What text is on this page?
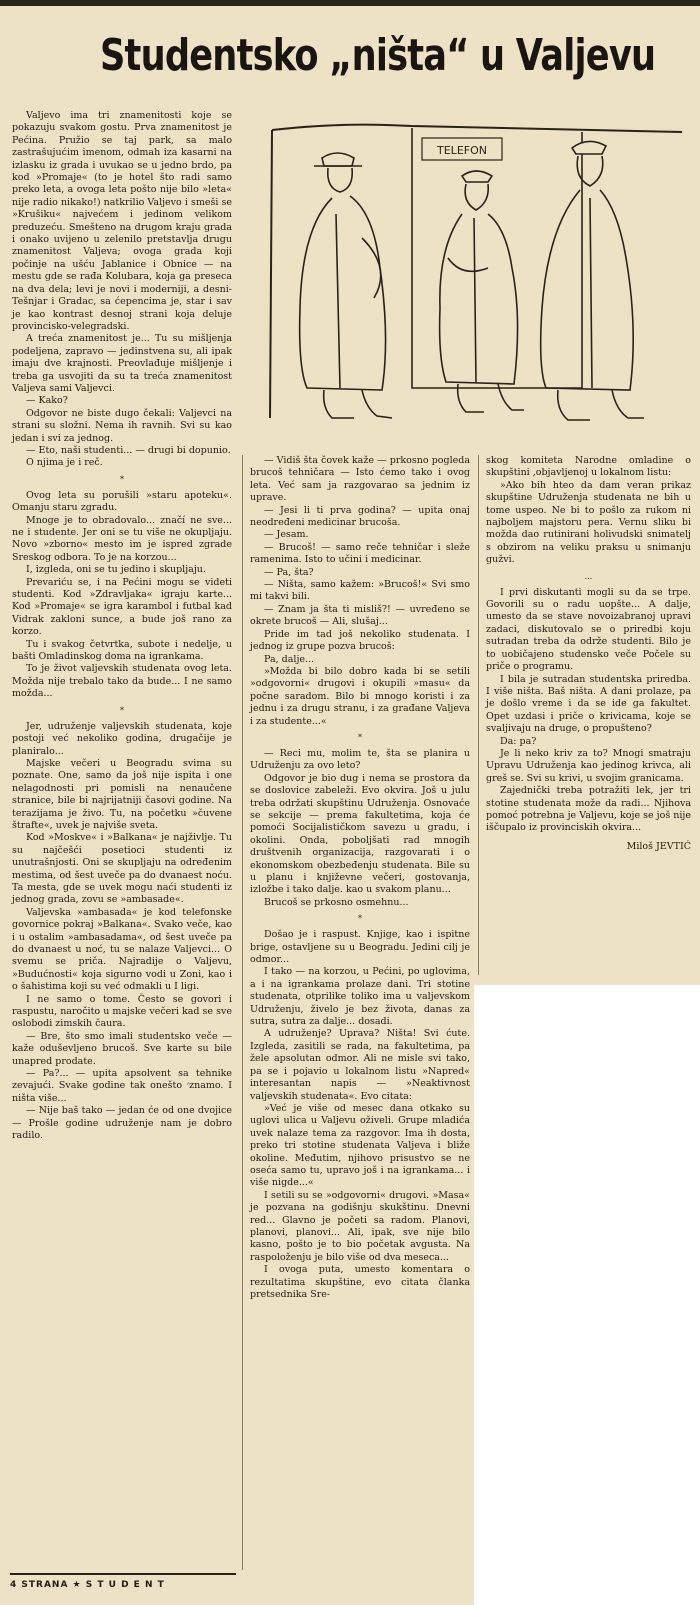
Studentsko „ništa“ u Valjevu
TELEFON

Valjevo ima tri znamenitosti koje se pokazuju svakom gostu. Prva znamenitost je Pećina. Pružio se taj park, sa malo zastrašujućim imenom, odmah iza kasarni na izlasku iz grada i uvukao se u jedno brdo, pa kod »Promaje« (to je hotel što radi samo preko leta, a ovoga leta pošto nije bilo »leta« nije radio nikako!) natkrilio Valjevo i smeši se »Krušiku« najvećem i jedinom velikom preduzeću. Smešteno na drugom kraju grada i onako uvijeno u zelenilo pretstavlja drugu znamenitost Valjeva; ovoga grada koji počinje na ušću Jablanice i Obnice — na mestu gde se rađa Kolubara, koja ga preseca na dva dela; levi je novi i moderniji, a desni-Tešnjar i Gradac, sa ćepencima je, star i sav je kao kontrast desnoj strani koja deluje provincisko-velegradski.

A treća znamenitost je... Tu su mišljenja podeljena, zapravo — jedinstvena su, ali ipak imaju dve krajnosti. Preovlađuje mišljenje i treba ga usvojiti da su ta treća znamenitost Valjeva sami Valjevci.

— Kako?

Odgovor ne biste dugo čekali: Valjevci na strani su složni. Nema ih ravnih. Svi su kao jedan i svi za jednog.

— Eto, naši studenti... — drugi bi dopunio.

O njima je i reč.

*

Ovog leta su porušili »staru apoteku«. Omanju staru zgradu.

Mnoge je to obradovalo... značí ne sve... ne i studente. Jer oni se tu više ne okupljaju. Novo »zborno« mesto im je ispred zgrade Sreskog odbora. To je na korzou...

I, izgleda, oni se tu jedino i skupljaju.

Prevariću se, i na Pećini mogu se videti studenti. Kod »Zdravljaka« igraju karte... Kod »Promaje« se igra karambol i futbal kad Vidrak zakloni sunce, a bude još rano za korzo.

Tu i svakog četvrtka, subote i nedelje, u bašti Omladinskog doma na igrankama.

To je život valjevskih studenata ovog leta. Možda nije trebalo tako da bude... I ne samo možda...

*

Jer, udruženje valjevskih studenata, koje postoji već nekoliko godina, drugačije je planiralo...

Majske večeri u Beogradu svima su poznate. One, samo da još nije ispita i one nelagodnosti pri pomisli na nenaučene stranice, bile bi najrijatniji časovi godine. Na terazijama je živo. Tu, na početku »čuvene štrafte«, uvek je najviše sveta.

Kod »Moskve« i »Balkana« je najživlje. Tu su najčešći posetioci studenti iz unutrašnjosti. Oni se skupljaju na određenim mestima, od šest uveče pa do dvanaest noću. Ta mesta, gde se uvek mogu naći studenti iz jednog grada, zovu se »ambasade«.

Valjevska »ambasada« je kod telefonske govornice pokraj »Balkana«. Svako veče, kao i u ostalim »ambasadama«, od šest uveče pa do dvanaest u noć, tu se nalaze Valjevci... O svemu se priča. Najradije o Valjevu, »Budućnosti« koja sigurno vodi u Zoni, kao i o šahistima koji su već odmakli u I ligi.

I ne samo o tome. Često se govori i raspustu, naročito u majske večeri kad se sve oslobodi zimskih čaura.

— Bre, što smo imali studentsko veče — kaže oduševljeno brucoš. Sve karte su bile unapred prodate.

— Pa?... — upita apsolvent sa tehnike zevajući. Svake godine tak onešto ׳znamo. I ništa više...

— Nije baš tako — jedan će od one dvojice — Prošle godine udruženje nam je dobro radilo.

— Vidiš šta čovek kaže — prkosno pogleda brucoš tehničara — Isto ćemo tako i ovog leta. Već sam ja razgovarao sa jednim iz uprave.

— Jesi li ti prva godina? — upita onaj neodređeni medicinar brucoša.

— Jesam.

— Brucoš! — samo reče tehničar i sleže ramenima. Isto to učini i medicinar.

— Pa, šta?

— Ništa, samo kažem: »Brucoš!« Svi smo mi takvi bili.

— Znam ja šta ti misliš?! — uvređeno se okrete brucoš — Ali, slušaj...

Pride im tad još nekoliko studenata. I jednog iz grupe pozva brucoš:

Pa, dalje...

»Možda bi bilo dobro kada bi se setili »odgovorni« drugovi i okupili »masu« da počne saradom. Bilo bi mnogo koristi i za jednu i za drugu stranu, i za građane Valjeva i za studente...«

*

— Reci mu, molim te, šta se planira u Udruženju za ovo leto?

Odgovor je bio dug i nema se prostora da se doslovice zabeleži. Evo okvira. Još u julu treba održati skupštinu Udruženja. Osnovaće se sekcije — prema fakultetima, koja će pomoći Socijalističkom savezu u gradu, i okolini. Onda, poboljšati rad mnogih društvenih organizacija, razgovarati i o ekonomskom obezbeđenju studenata. Bile su u planu i književne večeri, gostovanja, izložbe i tako dalje. kao u svakom planu...

Brucoš se prkosno osmehnu...

*

Došao je i raspust. Knjige, kao i ispitne brige, ostavljene su u Beogradu. Jedini cilj je odmor...

I tako — na korzou, u Pećini, po uglovima, a i na igrankama prolaze dani. Tri stotine studenata, otprilike toliko ima u valjevskom Udruženju, živelo je bez života, danas za sutra, sutra za dalje... dosadi.

A udruženje? Uprava? Ništa! Svi ćute. Izgleda, zasitili se rada, na fakultetima, pa žele apsolutan odmor. Ali ne misle svi tako, pa se i pojavio u lokalnom listu »Napred« interesantan napis — »Neaktivnost valjevskih studenata«. Evo citata:

»Već je više od mesec dana otkako su uglovi ulica u Valjevu oživeli. Grupe mladića uvek nalaze tema za razgovor. Ima ih dosta, preko tri stotine studenata Valjeva i bliže okoline. Međutim, njihovo prisustvo se ne oseća samo tu, upravo još i na igrankama... i više nigde...«

I setili su se »odgovorni« drugovi. »Masa« je pozvana na godišnju skukštinu. Dnevni red... Glavno je početi sa radom. Planovi, planovi, planovi... Ali, ipak, sve nije bilo kasno, pošto je to bio početak avgusta. Na raspoloženju je bilo više od dva meseca...

I ovoga puta, umesto komentara o rezultatima skupštine, evo citata članka pretsednika Sre-

skog komiteta Narodne omladine o skupštini ,objavljenoj u lokalnom listu:

»Ako bih hteo da dam veran prikaz skupštine Udruženja studenata ne bih u tome uspeo. Ne bi to pošlo za rukom ni najboljem majstoru pera. Vernu sliku bi možda dao rutinirani holivudski snimatelj s obzirom na veliku praksu u snimanju gužvi.

...

I prvi diskutanti mogli su da se trpe. Govorili su o radu uopšte... A dalje, umesto da se stave novoizabranoj upravi zadaci, diskutovalo se o priredbi koju sutradan treba da održe studenti. Bilo je to uobičajeno studensko veče Počele su priče o programu.

I bila je sutradan studentska priredba. I više ništa. Baš ništa. A dani prolaze, pa je došlo vreme i da se ide ga fakultet. Opet uzdasi i priče o krivicama, koje se svaljivaju na druge, o propušteno?

Da: pa?

Je li neko kriv za to? Mnogi smatraju Upravu Udruženja kao jedinog krivca, ali greš se. Svi su krivi, u svojim granicama.

Zajednički treba potražiti lek, jer tri stotine studenata može da radi... Njihova pomoć potrebna je Valjevu, koje se još nije iščupalo iz provinciskih okvira...

Miloš JEVTIĆ

4 STRANA ★ S T U D E N T
